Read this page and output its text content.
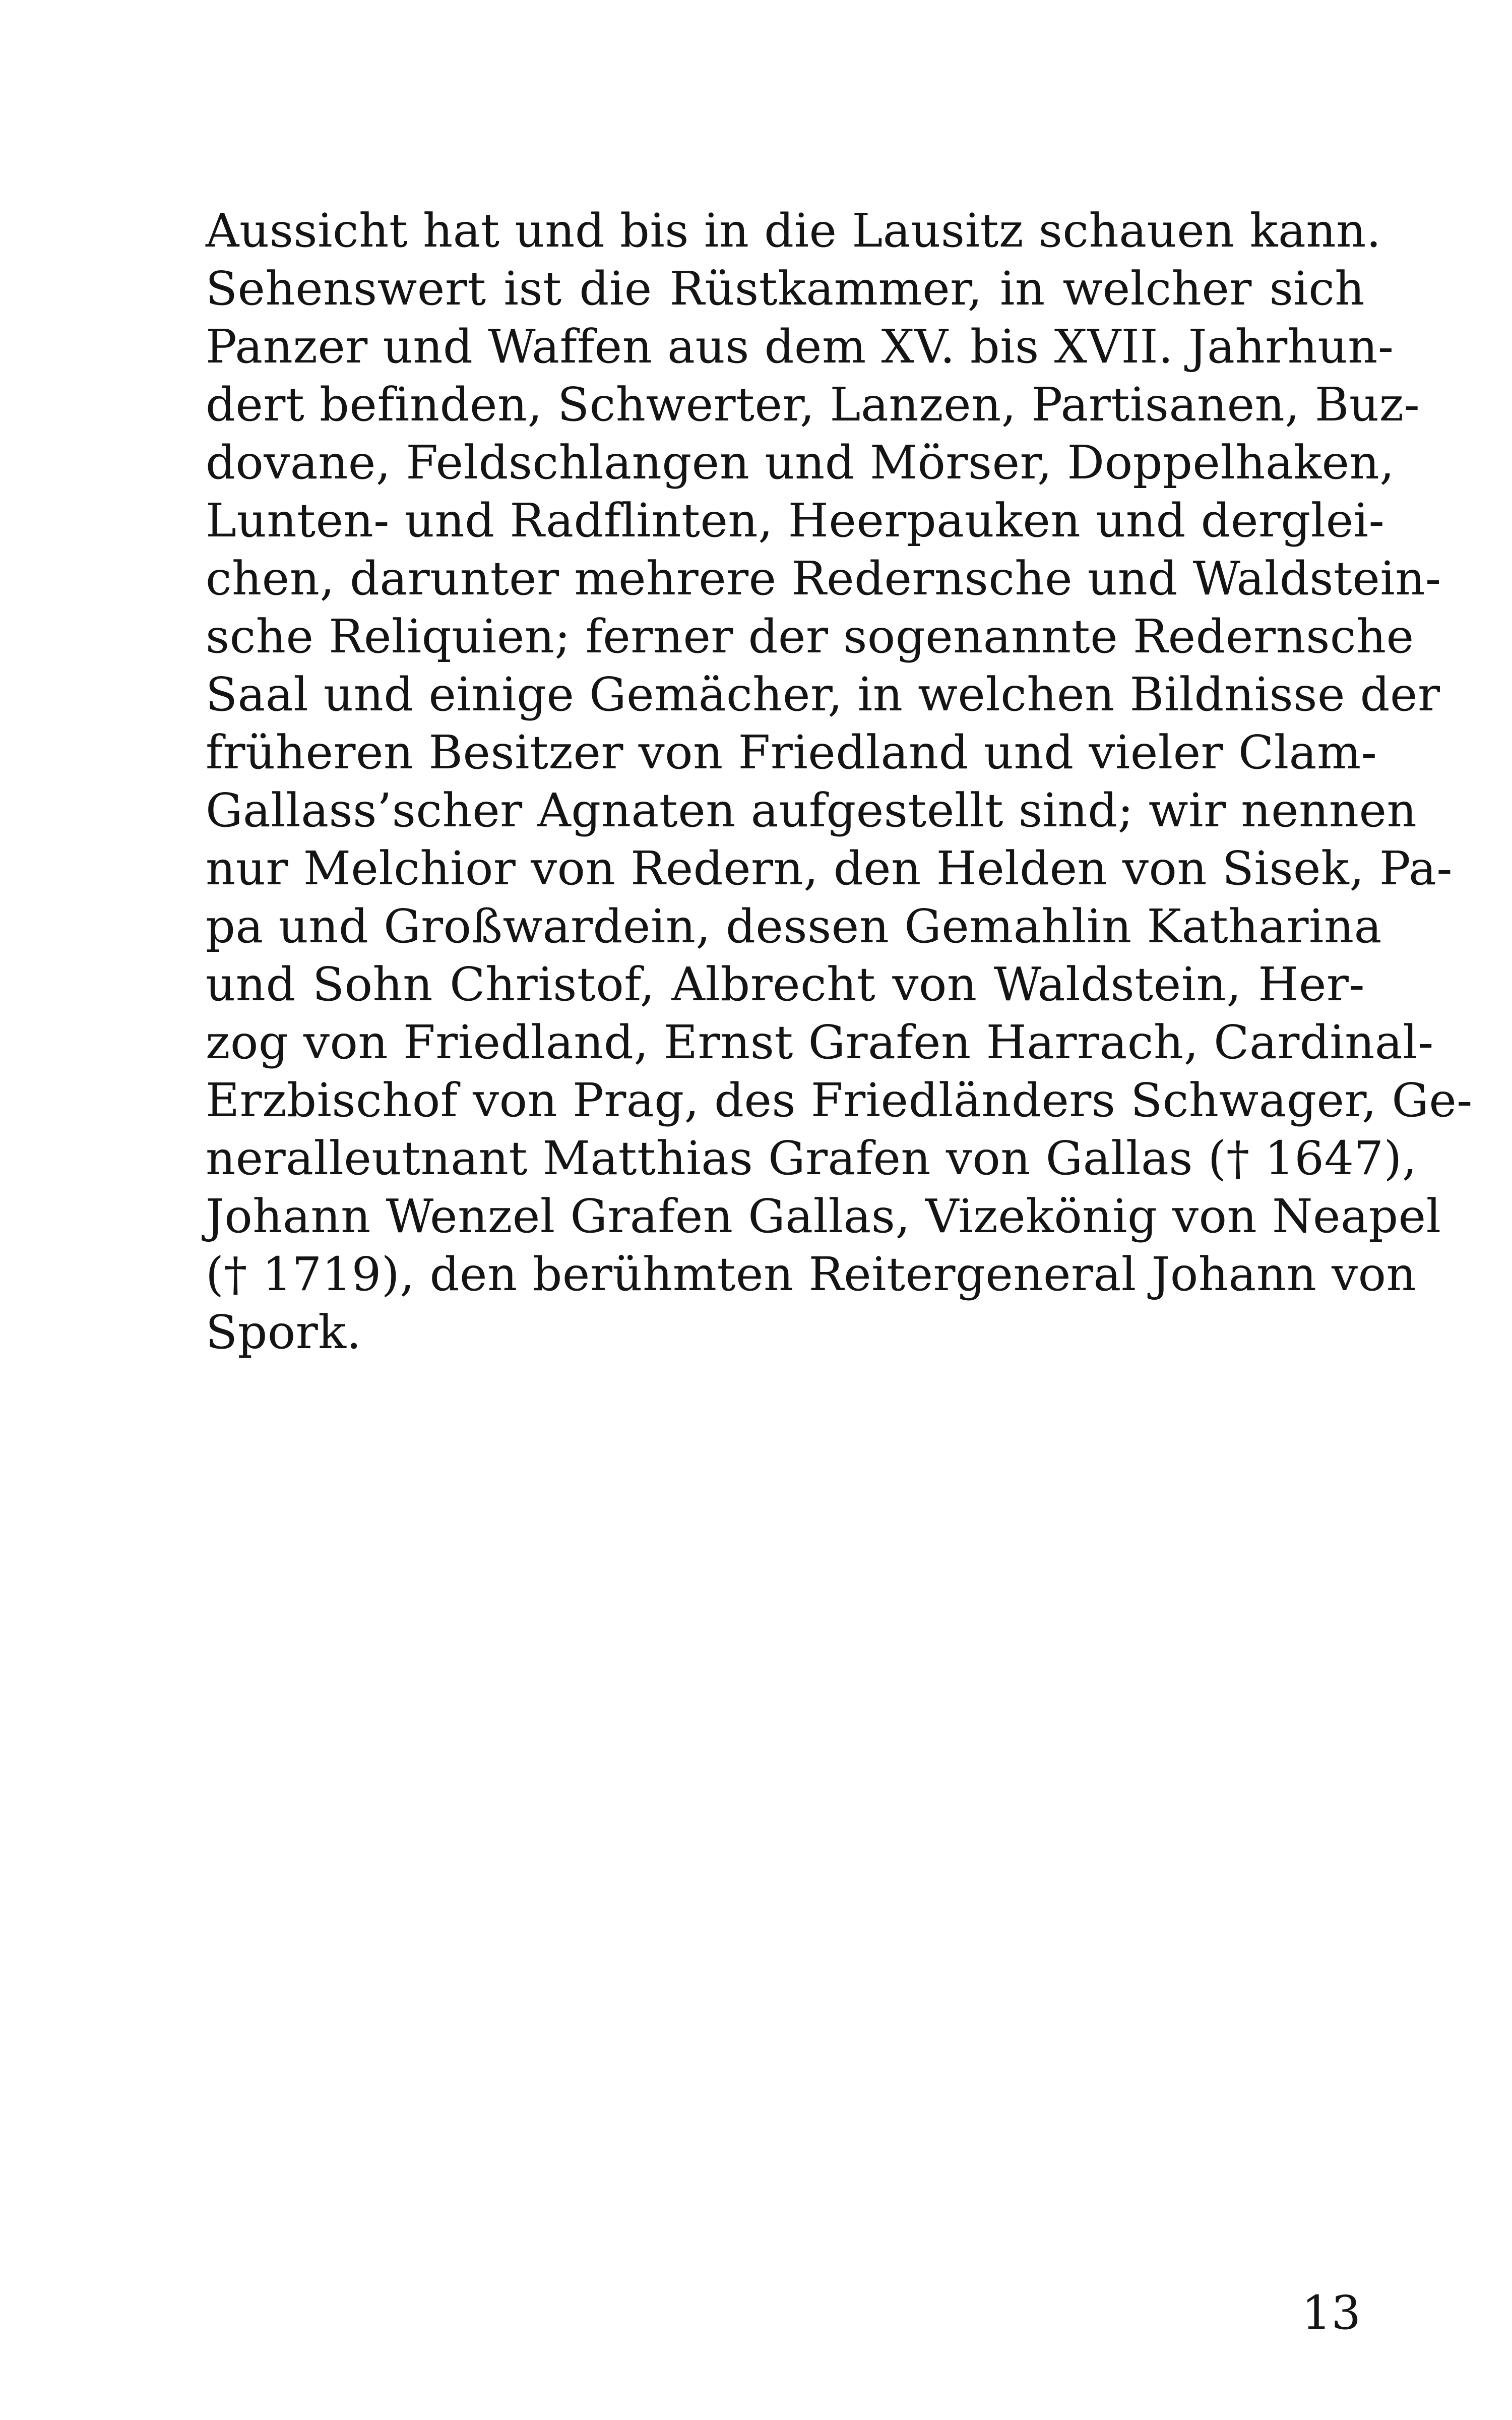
Aussicht hat und bis in die Lausitz schauen kann.
Sehenswert ist die Rüstkammer, in welcher sich
Panzer und Waffen aus dem XV. bis XVII. Jahrhun-
dert befinden, Schwerter, Lanzen, Partisanen, Buz-
dovane, Feldschlangen und Mörser, Doppelhaken,
Lunten- und Radflinten, Heerpauken und derglei-
chen, darunter mehrere Redernsche und Waldstein-
sche Reliquien; ferner der sogenannte Redernsche
Saal und einige Gemächer, in welchen Bildnisse der
früheren Besitzer von Friedland und vieler Clam-
Gallass’scher Agnaten aufgestellt sind; wir nennen
nur Melchior von Redern, den Helden von Sisek, Pa-
pa und Großwardein, dessen Gemahlin Katharina
und Sohn Christof, Albrecht von Waldstein, Her-
zog von Friedland, Ernst Grafen Harrach, Cardinal-
Erzbischof von Prag, des Friedländers Schwager, Ge-
neralleutnant Matthias Grafen von Gallas († 1647),
Johann Wenzel Grafen Gallas, Vizekönig von Neapel
(† 1719), den berühmten Reitergeneral Johann von
Spork.
13
